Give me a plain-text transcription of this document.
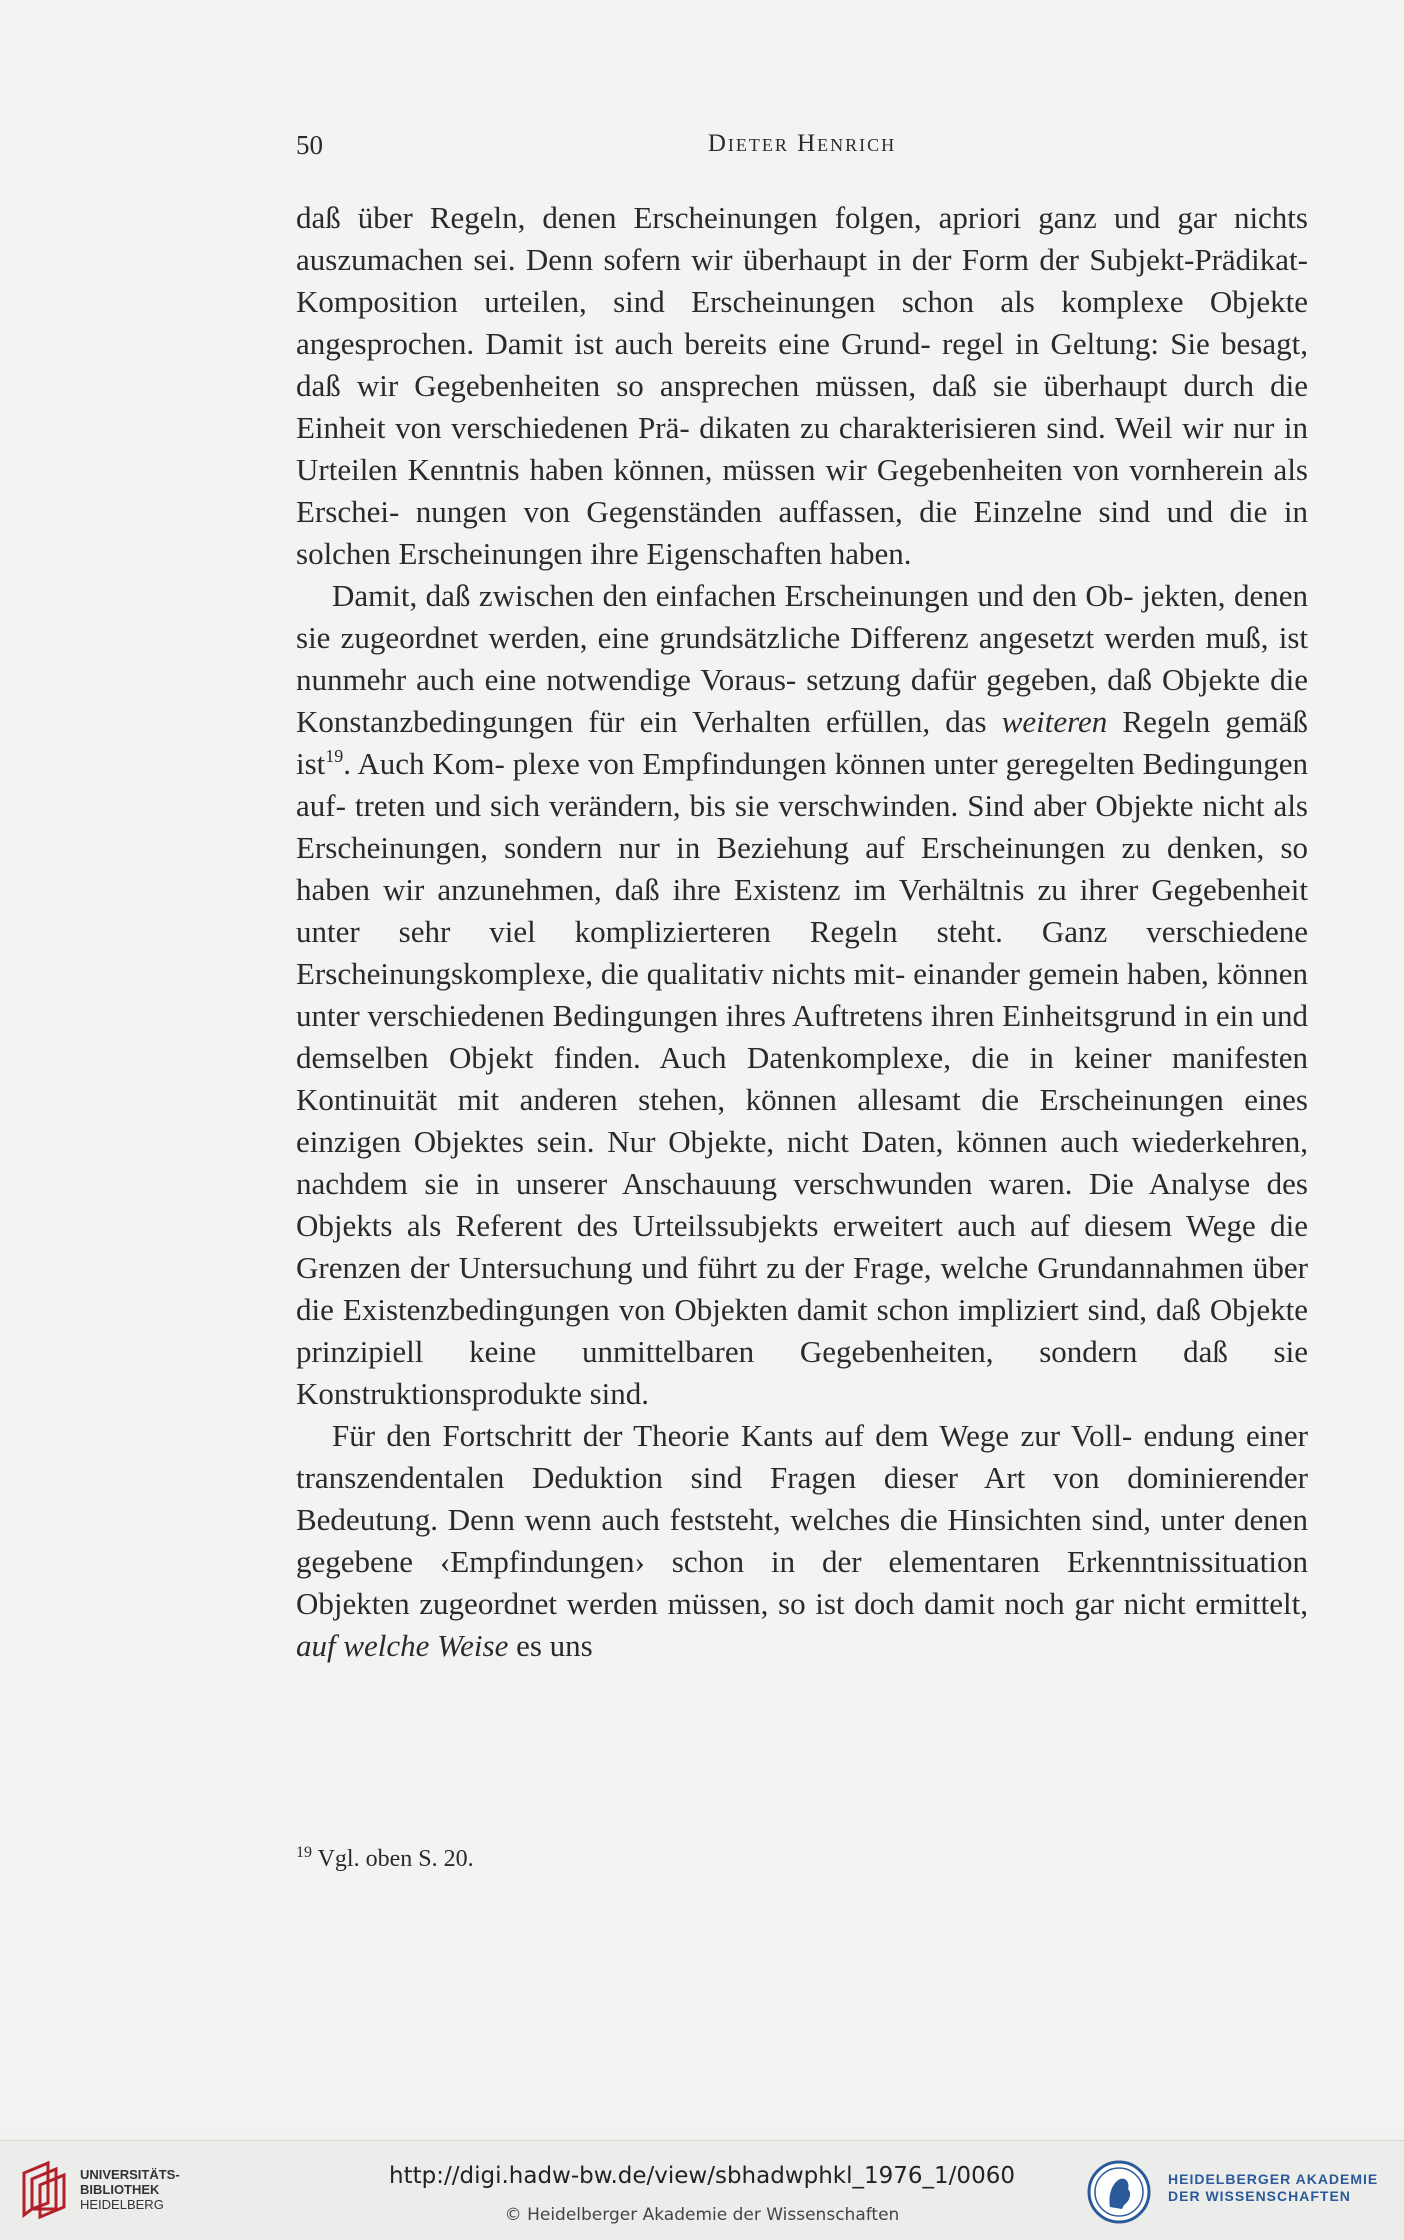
50	Dieter Henrich

daß über Regeln, denen Erscheinungen folgen, apriori ganz und gar nichts auszumachen sei. Denn sofern wir überhaupt in der Form der Subjekt-Prädikat-Komposition urteilen, sind Erscheinungen schon als komplexe Objekte angesprochen. Damit ist auch bereits eine Grund- regel in Geltung: Sie besagt, daß wir Gegebenheiten so ansprechen müssen, daß sie überhaupt durch die Einheit von verschiedenen Prä- dikaten zu charakterisieren sind. Weil wir nur in Urteilen Kenntnis haben können, müssen wir Gegebenheiten von vornherein als Erschei- nungen von Gegenständen auffassen, die Einzelne sind und die in solchen Erscheinungen ihre Eigenschaften haben.

Damit, daß zwischen den einfachen Erscheinungen und den Ob- jekten, denen sie zugeordnet werden, eine grundsätzliche Differenz angesetzt werden muß, ist nunmehr auch eine notwendige Voraus- setzung dafür gegeben, daß Objekte die Konstanzbedingungen für ein Verhalten erfüllen, das weiteren Regeln gemäß ist$^{19}$. Auch Kom- plexe von Empfindungen können unter geregelten Bedingungen auf- treten und sich verändern, bis sie verschwinden. Sind aber Objekte nicht als Erscheinungen, sondern nur in Beziehung auf Erscheinungen zu denken, so haben wir anzunehmen, daß ihre Existenz im Verhältnis zu ihrer Gegebenheit unter sehr viel komplizierteren Regeln steht. Ganz verschiedene Erscheinungskomplexe, die qualitativ nichts mit- einander gemein haben, können unter verschiedenen Bedingungen ihres Auftretens ihren Einheitsgrund in ein und demselben Objekt finden. Auch Datenkomplexe, die in keiner manifesten Kontinuität mit anderen stehen, können allesamt die Erscheinungen eines einzigen Objektes sein. Nur Objekte, nicht Daten, können auch wiederkehren, nachdem sie in unserer Anschauung verschwunden waren. Die Analyse des Objekts als Referent des Urteilssubjekts erweitert auch auf diesem Wege die Grenzen der Untersuchung und führt zu der Frage, welche Grundannahmen über die Existenzbedingungen von Objekten damit schon impliziert sind, daß Objekte prinzipiell keine unmittelbaren Gegebenheiten, sondern daß sie Konstruktionsprodukte sind.

Für den Fortschritt der Theorie Kants auf dem Wege zur Voll- endung einer transzendentalen Deduktion sind Fragen dieser Art von dominierender Bedeutung. Denn wenn auch feststeht, welches die Hinsichten sind, unter denen gegebene ‹Empfindungen› schon in der elementaren Erkenntnissituation Objekten zugeordnet werden müssen, so ist doch damit noch gar nicht ermittelt, auf welche Weise es uns

$^{19}$ Vgl. oben S. 20.
UNIVERSITÄTS-
BIBLIOTHEK
HEIDELBERG
http://digi.hadw-bw.de/view/sbhadwphkl_1976_1/0060
© Heidelberger Akademie der Wissenschaften
HEIDELBERGER AKADEMIE
DER WISSENSCHAFTEN
